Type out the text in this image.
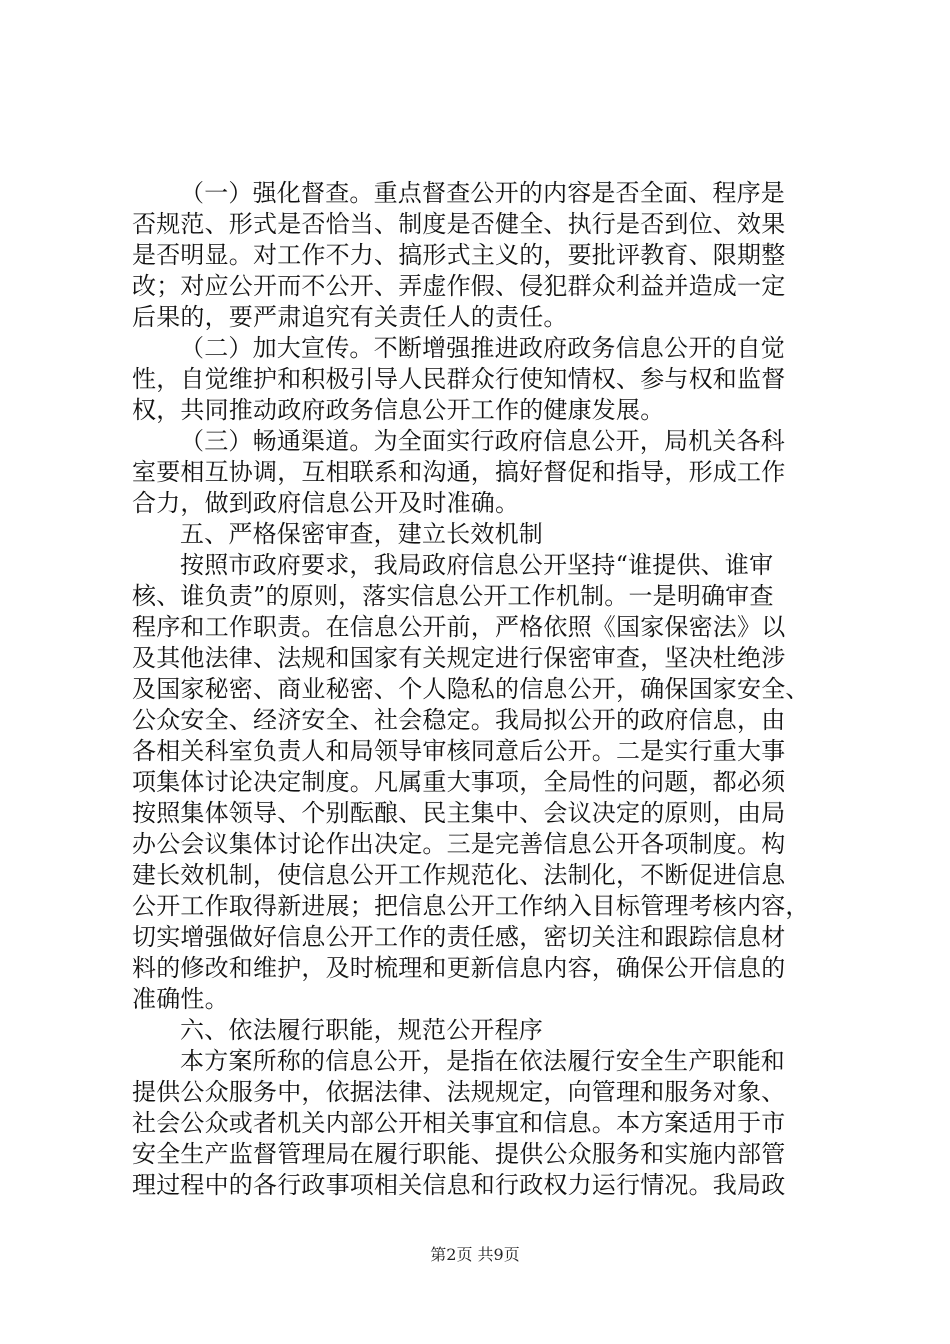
（一）强化督查。重点督查公开的内容是否全面、程序是
否规范、形式是否恰当、制度是否健全、执行是否到位、效果
是否明显。对工作不力、搞形式主义的，要批评教育、限期整
改；对应公开而不公开、弄虚作假、侵犯群众利益并造成一定
后果的，要严肃追究有关责任人的责任。
（二）加大宣传。不断增强推进政府政务信息公开的自觉
性，自觉维护和积极引导人民群众行使知情权、参与权和监督
权，共同推动政府政务信息公开工作的健康发展。
（三）畅通渠道。为全面实行政府信息公开，局机关各科
室要相互协调，互相联系和沟通，搞好督促和指导，形成工作
合力，做到政府信息公开及时准确。
五、严格保密审查，建立长效机制
按照市政府要求，我局政府信息公开坚持“谁提供、谁审
核、谁负责”的原则，落实信息公开工作机制。一是明确审查
程序和工作职责。在信息公开前，严格依照《国家保密法》以
及其他法律、法规和国家有关规定进行保密审查，坚决杜绝涉
及国家秘密、商业秘密、个人隐私的信息公开，确保国家安全、
公众安全、经济安全、社会稳定。我局拟公开的政府信息，由
各相关科室负责人和局领导审核同意后公开。二是实行重大事
项集体讨论决定制度。凡属重大事项，全局性的问题，都必须
按照集体领导、个别酝酿、民主集中、会议决定的原则，由局
办公会议集体讨论作出决定。三是完善信息公开各项制度。构
建长效机制，使信息公开工作规范化、法制化，不断促进信息
公开工作取得新进展；把信息公开工作纳入目标管理考核内容，
切实增强做好信息公开工作的责任感，密切关注和跟踪信息材
料的修改和维护，及时梳理和更新信息内容，确保公开信息的
准确性。
六、依法履行职能，规范公开程序
本方案所称的信息公开，是指在依法履行安全生产职能和
提供公众服务中，依据法律、法规规定，向管理和服务对象、
社会公众或者机关内部公开相关事宜和信息。本方案适用于市
安全生产监督管理局在履行职能、提供公众服务和实施内部管
理过程中的各行政事项相关信息和行政权力运行情况。我局政
第2页 共9页
